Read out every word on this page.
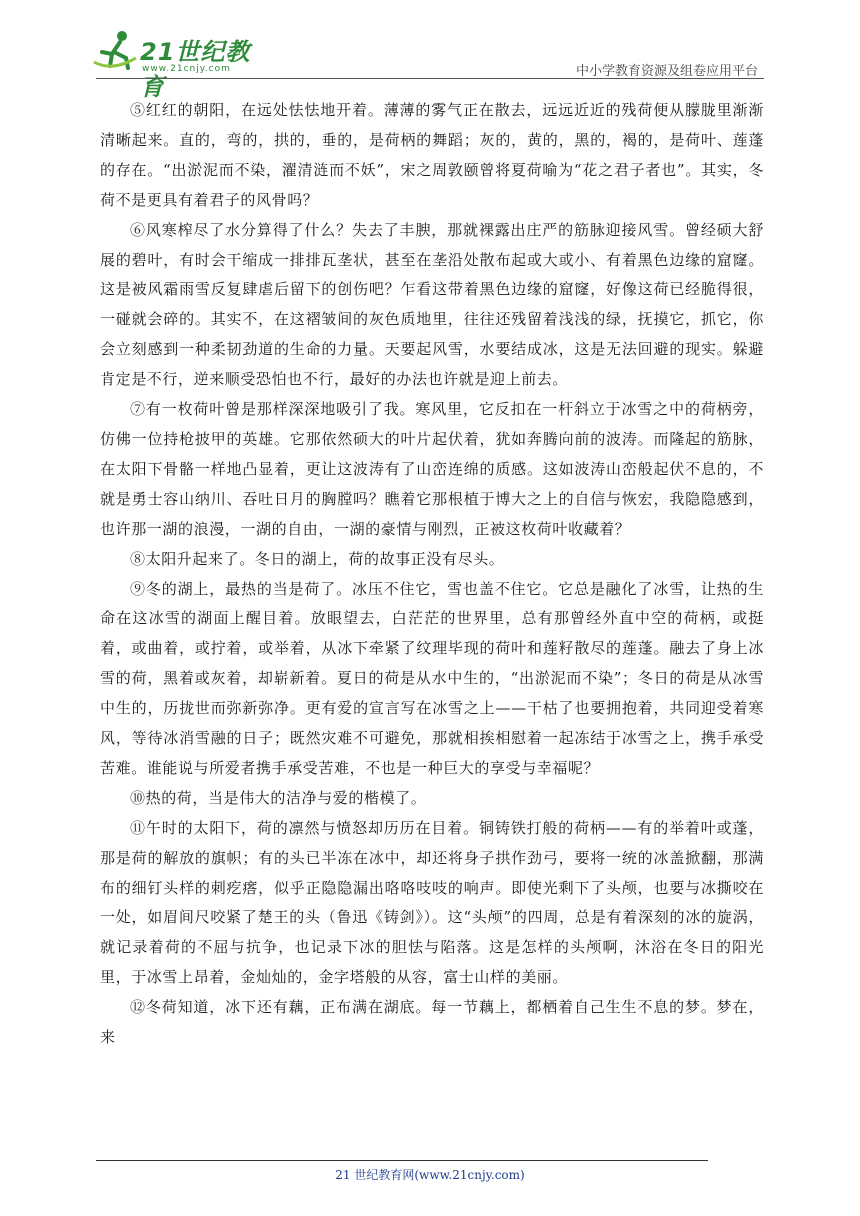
21世纪教育
www.21cnjy.com	中小学教育资源及组卷应用平台

⑤红红的朝阳，在远处怯怯地开着。薄薄的雾气正在散去，远远近近的残荷便从朦胧里渐渐清晰起来。直的，弯的，拱的，垂的，是荷柄的舞蹈；灰的，黄的，黑的，褐的，是荷叶、莲蓬的存在。“出淤泥而不染，濯清涟而不妖”，宋之周敦颐曾将夏荷喻为“花之君子者也”。其实，冬荷不是更具有着君子的风骨吗？

⑥风寒榨尽了水分算得了什么？失去了丰腴，那就裸露出庄严的筋脉迎接风雪。曾经硕大舒展的碧叶，有时会干缩成一排排瓦垄状，甚至在垄沿处散布起或大或小、有着黑色边缘的窟窿。这是被风霜雨雪反复肆虐后留下的创伤吧？乍看这带着黑色边缘的窟窿，好像这荷已经脆得很，一碰就会碎的。其实不，在这褶皱间的灰色质地里，往往还残留着浅浅的绿，抚摸它，抓它，你会立刻感到一种柔韧劲道的生命的力量。天要起风雪，水要结成冰，这是无法回避的现实。躲避肯定是不行，逆来顺受恐怕也不行，最好的办法也许就是迎上前去。

⑦有一枚荷叶曾是那样深深地吸引了我。寒风里，它反扣在一杆斜立于冰雪之中的荷柄旁，仿佛一位持枪披甲的英雄。它那依然硕大的叶片起伏着，犹如奔腾向前的波涛。而隆起的筋脉，在太阳下骨骼一样地凸显着，更让这波涛有了山峦连绵的质感。这如波涛山峦般起伏不息的，不就是勇士容山纳川、吞吐日月的胸膛吗？瞧着它那根植于博大之上的自信与恢宏，我隐隐感到，也许那一湖的浪漫，一湖的自由，一湖的豪情与刚烈，正被这枚荷叶收藏着？

⑧太阳升起来了。冬日的湖上，荷的故事正没有尽头。

⑨冬的湖上，最热的当是荷了。冰压不住它，雪也盖不住它。它总是融化了冰雪，让热的生命在这冰雪的湖面上醒目着。放眼望去，白茫茫的世界里，总有那曾经外直中空的荷柄，或挺着，或曲着，或拧着，或举着，从冰下牵紧了纹理毕现的荷叶和莲籽散尽的莲蓬。融去了身上冰雪的荷，黑着或灰着，却崭新着。夏日的荷是从水中生的，“出淤泥而不染”；冬日的荷是从冰雪中生的，历拢世而弥新弥净。更有爱的宣言写在冰雪之上——干枯了也要拥抱着，共同迎受着寒风，等待冰消雪融的日子；既然灾难不可避免，那就相挨相慰着一起冻结于冰雪之上，携手承受苦难。谁能说与所爱者携手承受苦难，不也是一种巨大的享受与幸福呢？

⑩热的荷，当是伟大的洁净与爱的楷模了。

⑪午时的太阳下，荷的凛然与愤怒却历历在目着。铜铸铁打般的荷柄——有的举着叶或蓬，那是荷的解放的旗帜；有的头已半冻在冰中，却还将身子拱作劲弓，要将一统的冰盖掀翻，那满布的细钉头样的刺疙瘩，似乎正隐隐漏出咯咯吱吱的响声。即使光剩下了头颅，也要与冰撕咬在一处，如眉间尺咬紧了楚王的头（鲁迅《铸剑》）。这“头颅”的四周，总是有着深刻的冰的旋涡，就记录着荷的不屈与抗争，也记录下冰的胆怯与陷落。这是怎样的头颅啊，沐浴在冬日的阳光里，于冰雪上昂着，金灿灿的，金字塔般的从容，富士山样的美丽。

⑫冬荷知道，冰下还有藕，正布满在湖底。每一节藕上，都栖着自己生生不息的梦。梦在，来

21 世纪教育网(www.21cnjy.com)
